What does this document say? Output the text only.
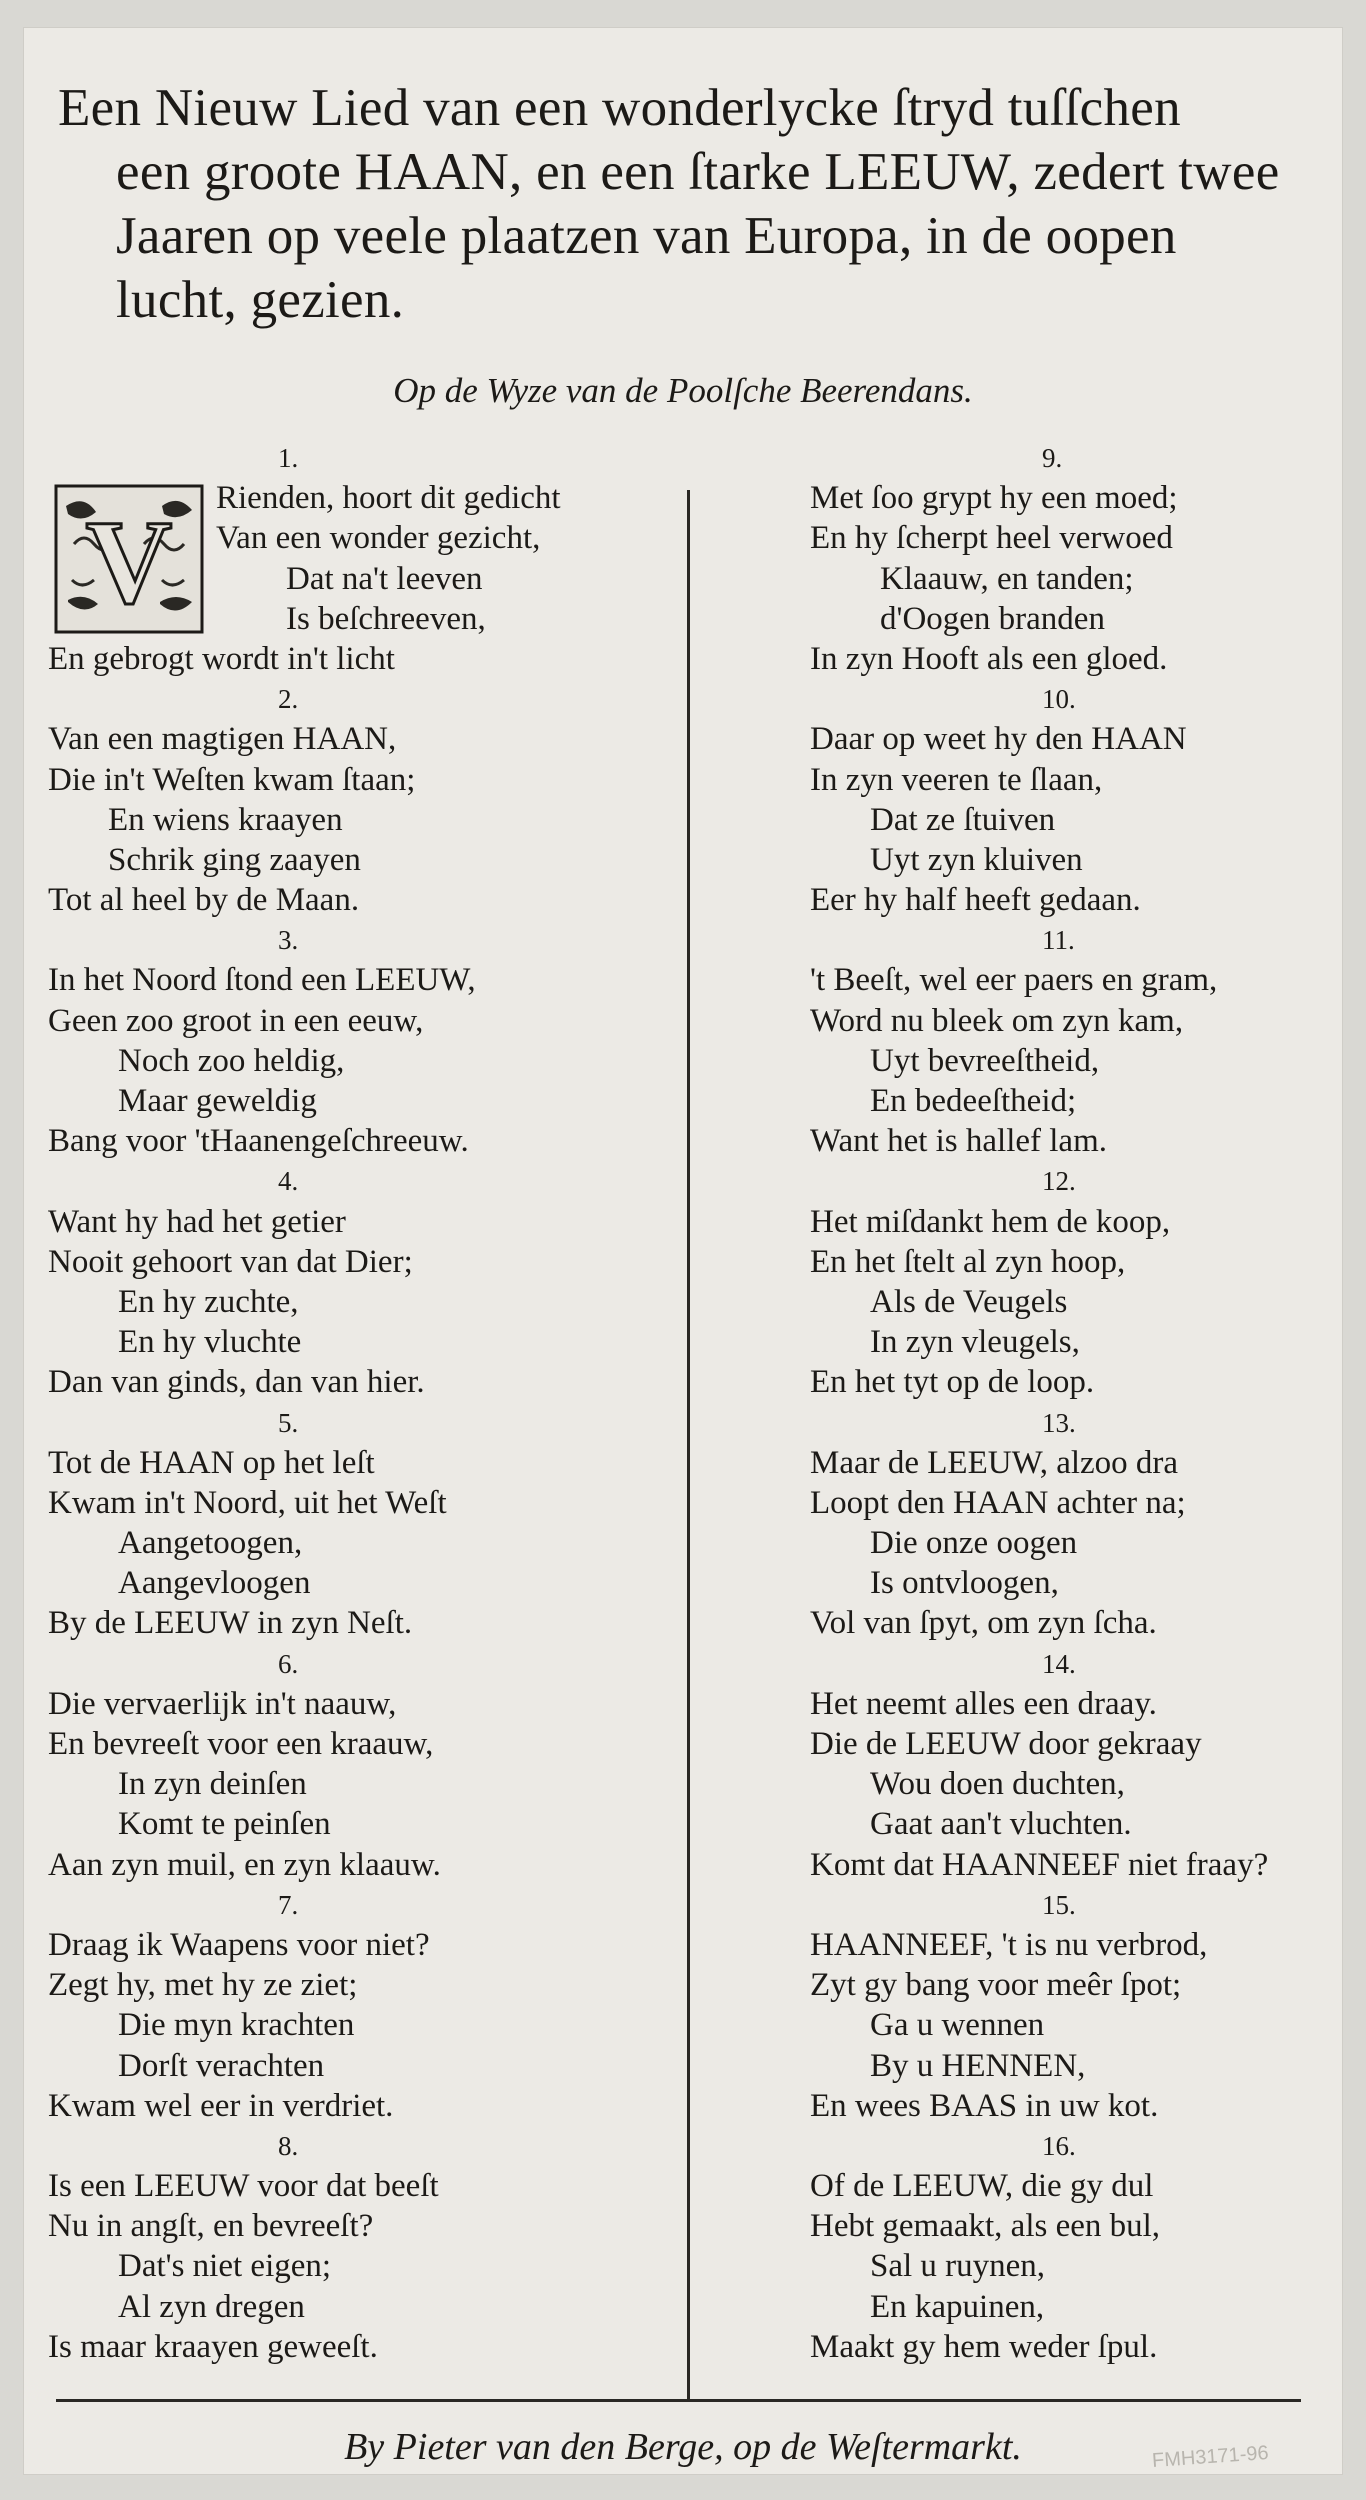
Een Nieuw Lied van een wonderlycke ſtryd tuſſchen
een groote HAAN, en een ſtarke LEEUW, zedert twee
Jaaren op veele plaatzen van Europa, in de oopen
lucht, gezien.
Op de Wyze van de Poolſche Beerendans.
1.
V	Rienden, hoort dit gedicht
Van een wonder gezicht,
Dat na't leeven
Is beſchreeven,
En gebrogt wordt in't licht
2.
Van een magtigen HAAN,
Die in't Weſten kwam ſtaan;
En wiens kraayen
Schrik ging zaayen
Tot al heel by de Maan.
3.
In het Noord ſtond een LEEUW,
Geen zoo groot in een eeuw,
Noch zoo heldig,
Maar geweldig
Bang voor 'tHaanengeſchreeuw.
4.
Want hy had het getier
Nooit gehoort van dat Dier;
En hy zuchte,
En hy vluchte
Dan van ginds, dan van hier.
5.
Tot de HAAN op het leſt
Kwam in't Noord, uit het Weſt
Aangetoogen,
Aangevloogen
By de LEEUW in zyn Neſt.
6.
Die vervaerlijk in't naauw,
En bevreeſt voor een kraauw,
In zyn deinſen
Komt te peinſen
Aan zyn muil, en zyn klaauw.
7.
Draag ik Waapens voor niet?
Zegt hy, met hy ze ziet;
Die myn krachten
Dorſt verachten
Kwam wel eer in verdriet.
8.
Is een LEEUW voor dat beeſt
Nu in angſt, en bevreeſt?
Dat's niet eigen;
Al zyn dregen
Is maar kraayen geweeſt.
9.
Met ſoo grypt hy een moed;
En hy ſcherpt heel verwoed
Klaauw, en tanden;
d'Oogen branden
In zyn Hooft als een gloed.
10.
Daar op weet hy den HAAN
In zyn veeren te ſlaan,
Dat ze ſtuiven
Uyt zyn kluiven
Eer hy half heeft gedaan.
11.
't Beeſt, wel eer paers en gram,
Word nu bleek om zyn kam,
Uyt bevreeſtheid,
En bedeeſtheid;
Want het is hallef lam.
12.
Het miſdankt hem de koop,
En het ſtelt al zyn hoop,
Als de Veugels
In zyn vleugels,
En het tyt op de loop.
13.
Maar de LEEUW, alzoo dra
Loopt den HAAN achter na;
Die onze oogen
Is ontvloogen,
Vol van ſpyt, om zyn ſcha.
14.
Het neemt alles een draay.
Die de LEEUW door gekraay
Wou doen duchten,
Gaat aan't vluchten.
Komt dat HAANNEEF niet fraay?
15.
HAANNEEF, 't is nu verbrod,
Zyt gy bang voor meêr ſpot;
Ga u wennen
By u HENNEN,
En wees BAAS in uw kot.
16.
Of de LEEUW, die gy dul
Hebt gemaakt, als een bul,
Sal u ruynen,
En kapuinen,
Maakt gy hem weder ſpul.
By Pieter van den Berge, op de Weſtermarkt.	FMH3171-96
